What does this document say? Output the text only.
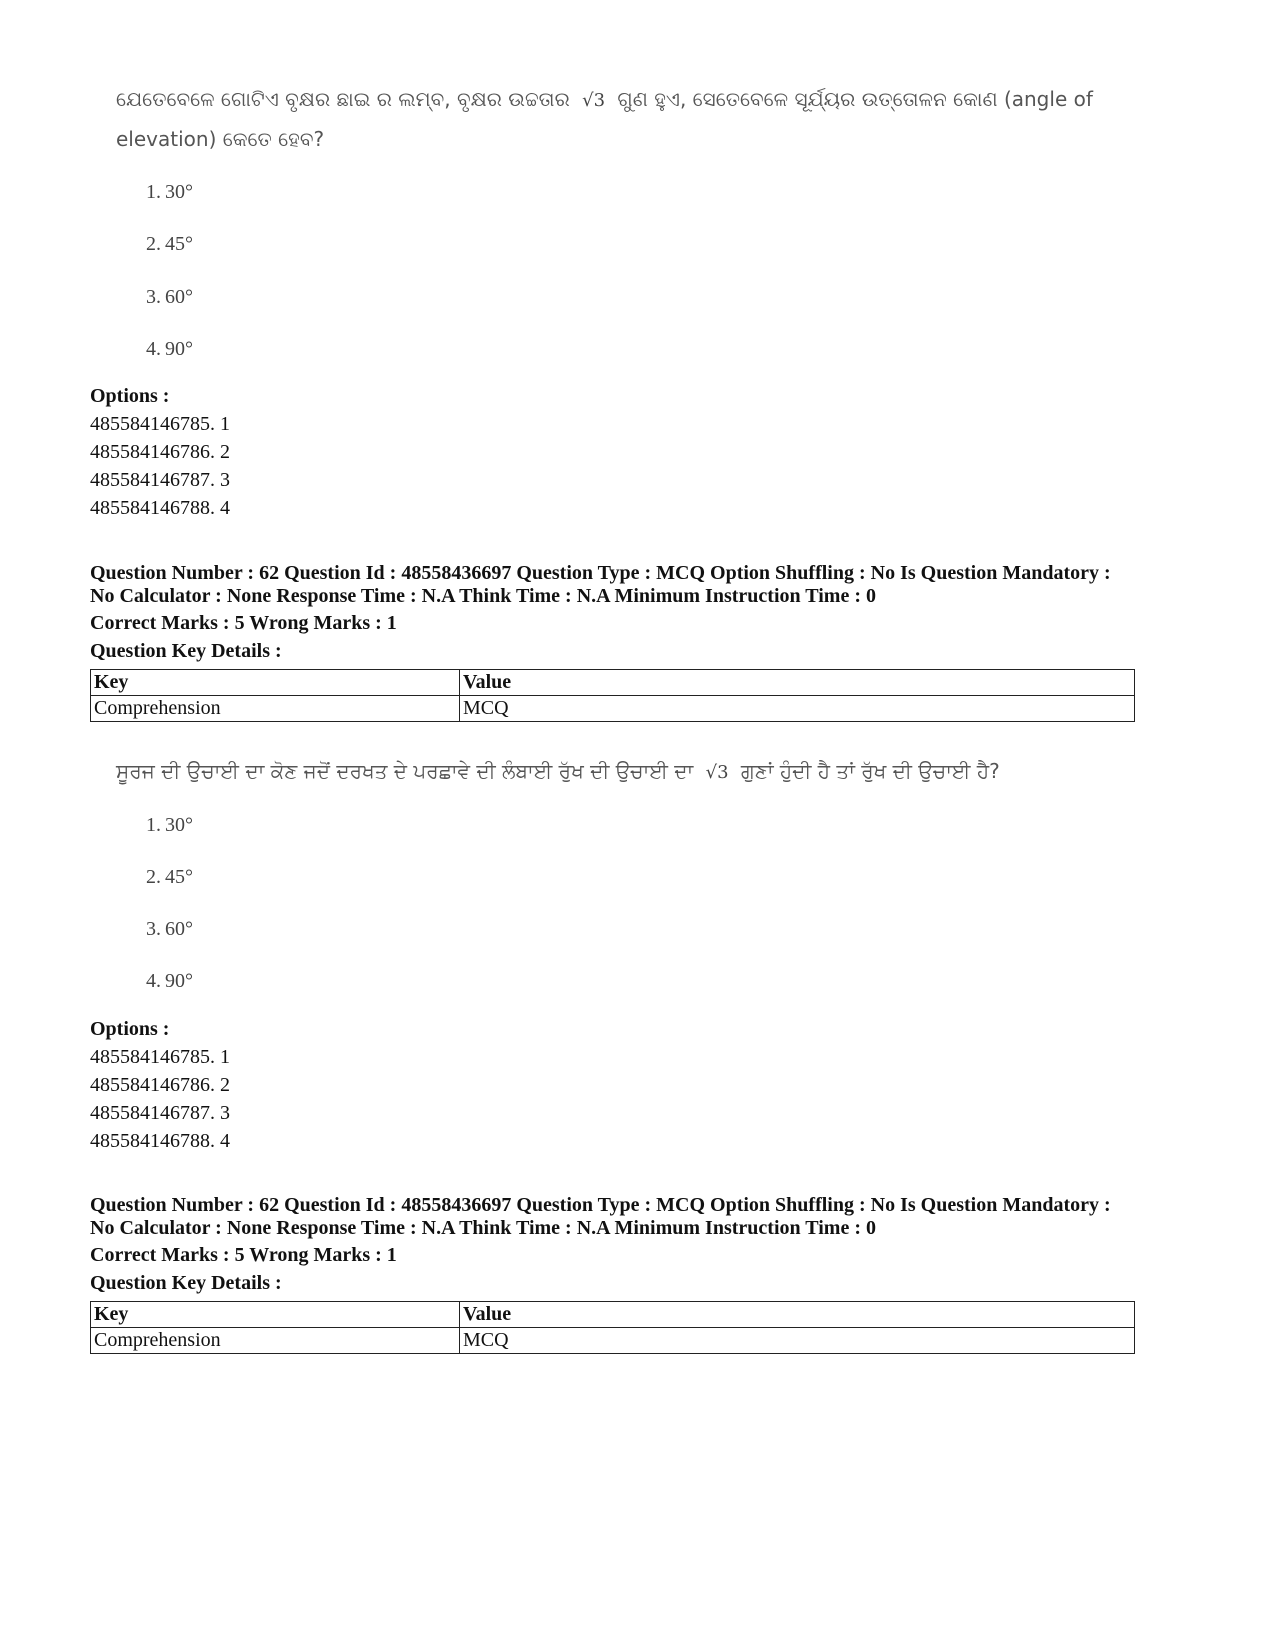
ଯେତେବେଳେ ଗୋଟିଏ ବୃକ୍ଷର ଛାଇ ର ଲମ୍ବ, ବୃକ୍ଷର ଉଚ୍ଚତାର √3 ଗୁଣ ହୁଏ, ସେତେବେଳେ ସୂର୍ଯ୍ୟର ଉତ୍ତୋଳନ କୋଣ (angle of elevation) କେତେ ହେବ?
1. 30°
2. 45°
3. 60°
4. 90°
Options :
485584146785. 1
485584146786. 2
485584146787. 3
485584146788. 4
Question Number : 62 Question Id : 48558436697 Question Type : MCQ Option Shuffling : No Is Question Mandatory :
No Calculator : None Response Time : N.A Think Time : N.A Minimum Instruction Time : 0
Correct Marks : 5 Wrong Marks : 1
Question Key Details :
Key	Value
Comprehension	MCQ
ਸੂਰਜ ਦੀ ਉਚਾਈ ਦਾ ਕੋਣ ਜਦੋਂ ਦਰਖਤ ਦੇ ਪਰਛਾਵੇ ਦੀ ਲੰਬਾਈ ਰੁੱਖ ਦੀ ਉਚਾਈ ਦਾ √3 ਗੁਣਾਂ ਹੁੰਦੀ ਹੈ ਤਾਂ ਰੁੱਖ ਦੀ ਉਚਾਈ ਹੈ?
1. 30°
2. 45°
3. 60°
4. 90°
Options :
485584146785. 1
485584146786. 2
485584146787. 3
485584146788. 4
Question Number : 62 Question Id : 48558436697 Question Type : MCQ Option Shuffling : No Is Question Mandatory :
No Calculator : None Response Time : N.A Think Time : N.A Minimum Instruction Time : 0
Correct Marks : 5 Wrong Marks : 1
Question Key Details :
Key	Value
Comprehension	MCQ
